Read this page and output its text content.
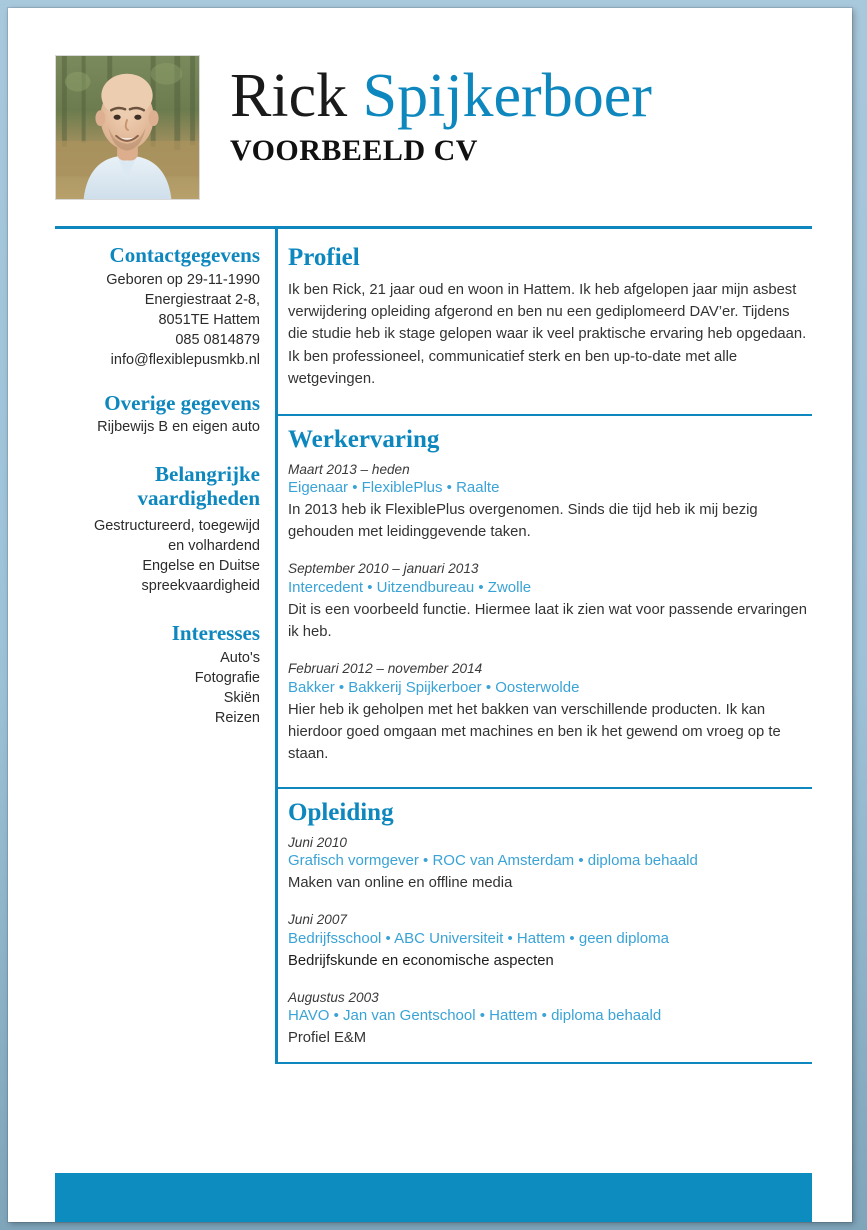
Rick Spijkerboer
VOORBEELD CV
Contactgegevens
Geboren op 29-11-1990
Energiestraat 2-8,
8051TE Hattem
085 0814879
info@flexiblepusmkb.nl
Overige gegevens
Rijbewijs B en eigen auto
Belangrijke
vaardigheden
Gestructureerd, toegewijd
en volhardend
Engelse en Duitse
spreekvaardigheid
Interesses
Auto's
Fotografie
Skiën
Reizen
Profiel

Ik ben Rick, 21 jaar oud en woon in Hattem. Ik heb afgelopen jaar mijn asbest verwijdering opleiding afgerond en ben nu een gediplomeerd DAV’er. Tijdens die studie heb ik stage gelopen waar ik veel praktische ervaring heb opgedaan. Ik ben professioneel, communicatief sterk en ben up-to-date met alle wetgevingen.

Werkervaring
Maart 2013 – heden
Eigenaar • FlexiblePlus • Raalte
In 2013 heb ik FlexiblePlus overgenomen. Sinds die tijd heb ik mij bezig gehouden met leidinggevende taken.
September 2010 – januari 2013
Intercedent • Uitzendbureau • Zwolle
Dit is een voorbeeld functie. Hiermee laat ik zien wat voor passende ervaringen ik heb.
Februari 2012 – november 2014
Bakker • Bakkerij Spijkerboer • Oosterwolde
Hier heb ik geholpen met het bakken van verschillende producten. Ik kan hierdoor goed omgaan met machines en ben ik het gewend om vroeg op te staan.
Opleiding
Juni 2010
Grafisch vormgever • ROC van Amsterdam • diploma behaald
Maken van online en offline media
Juni 2007
Bedrijfsschool • ABC Universiteit • Hattem • geen diploma
Bedrijfskunde en economische aspecten
Augustus 2003
HAVO • Jan van Gentschool • Hattem • diploma behaald
Profiel E&M
